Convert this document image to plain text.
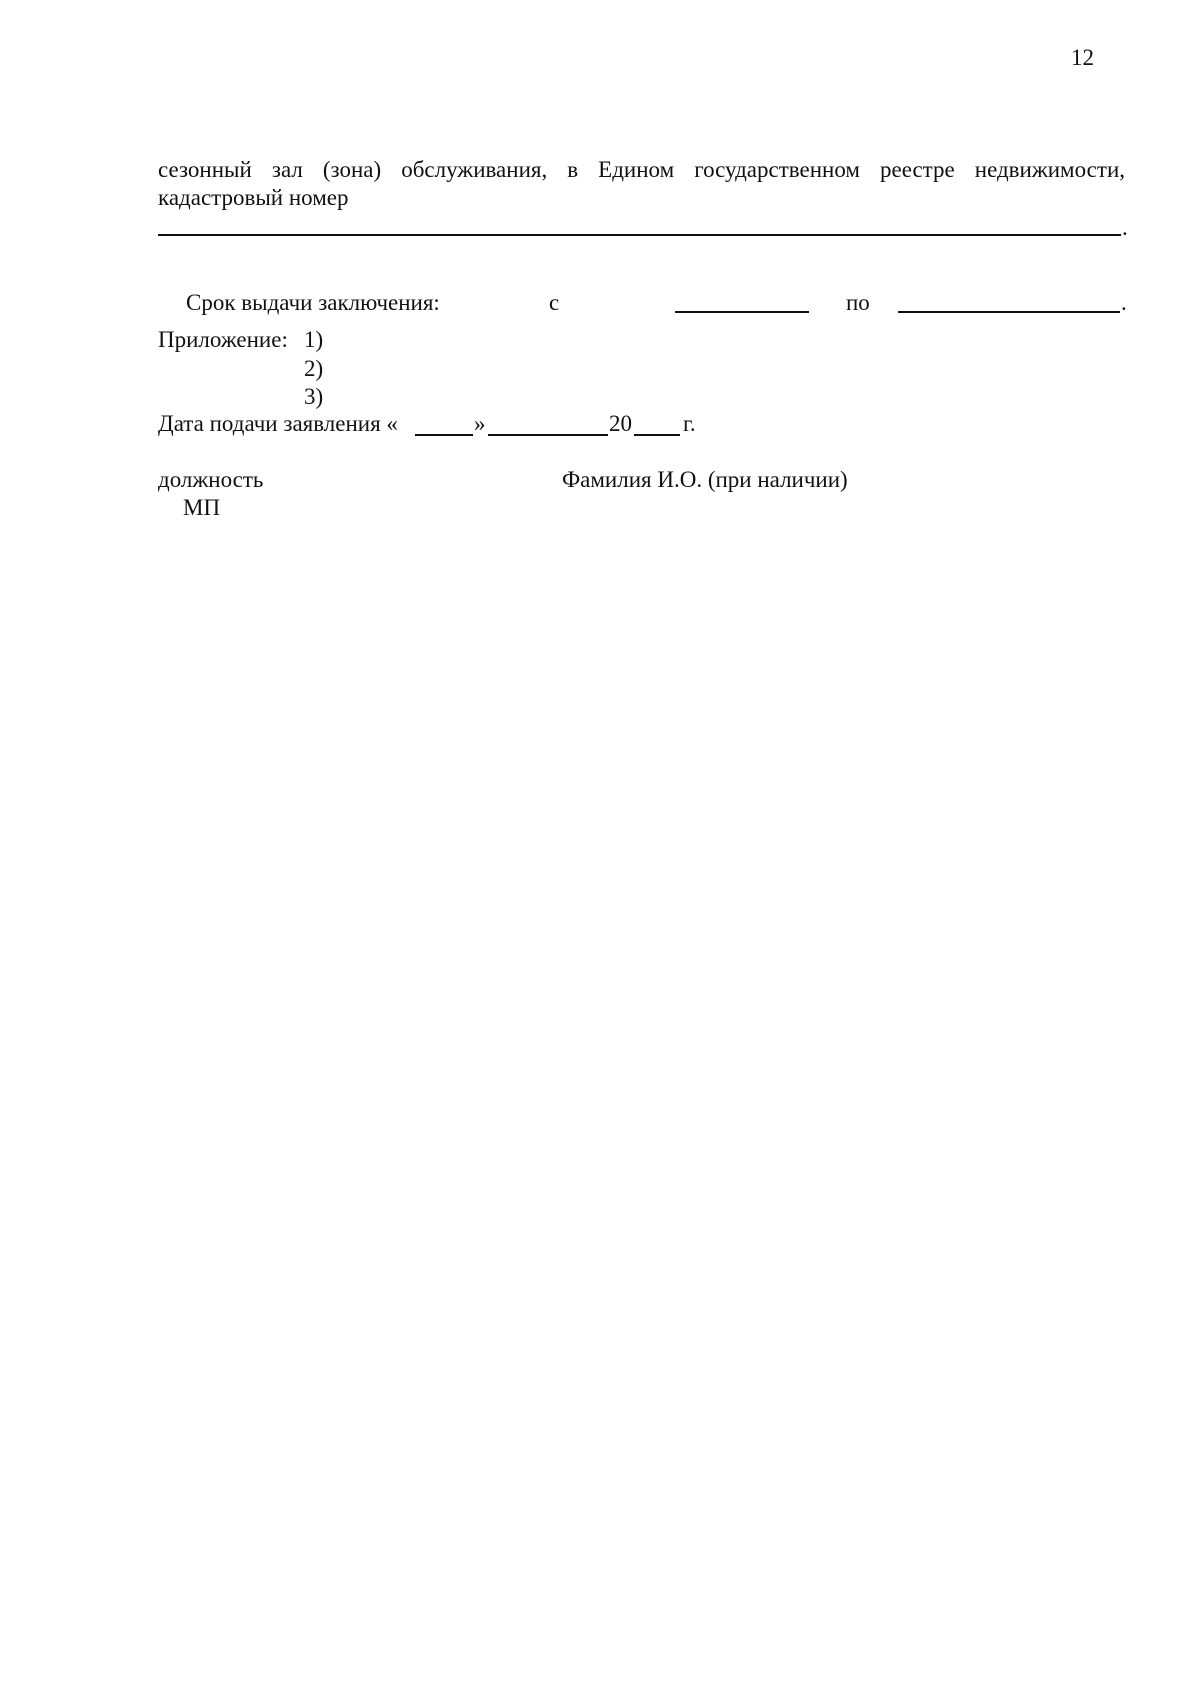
12

сезонный зал (зона) обслуживания, в Едином государственном реестре недвижимости,

кадастровый номер

.
Срок выдачи заключения:	с	по	.
Приложение: 1)
2)
3)
Дата подачи заявления «	»	20 г.
должность	Фамилия И.О. (при наличии)
МП
